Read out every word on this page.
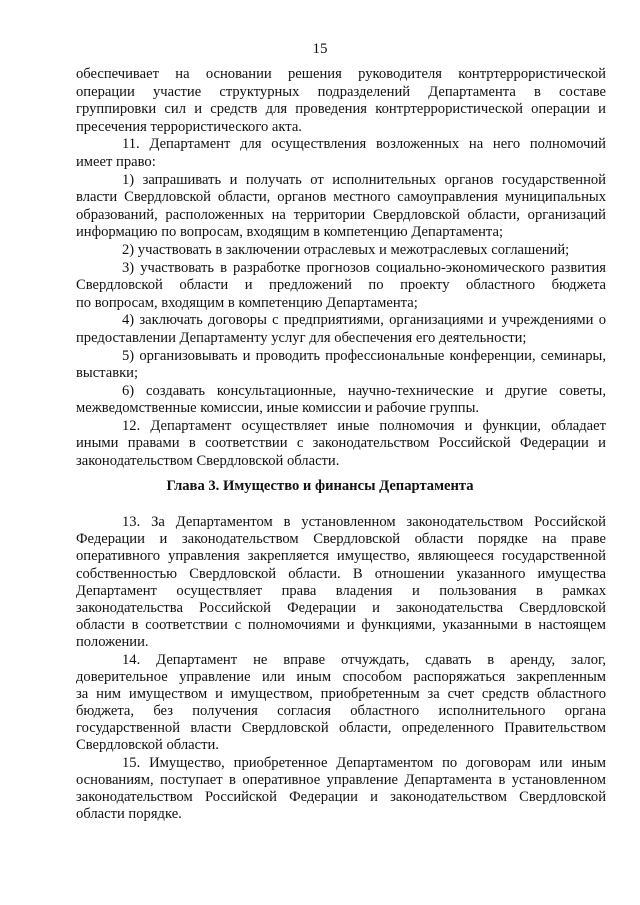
15
обеспечивает на основании решения руководителя контртеррористической
операции участие структурных подразделений Департамента в составе
группировки сил и средств для проведения контртеррористической операции и
пресечения террористического акта.
11. Департамент для осуществления возложенных на него полномочий
имеет право:
1) запрашивать и получать от исполнительных органов государственной
власти Свердловской области, органов местного самоуправления муниципальных
образований, расположенных на территории Свердловской области, организаций
информацию по вопросам, входящим в компетенцию Департамента;
2) участвовать в заключении отраслевых и межотраслевых соглашений;
3) участвовать в разработке прогнозов социально-экономического развития
Свердловской области и предложений по проекту областного бюджета
по вопросам, входящим в компетенцию Департамента;
4) заключать договоры с предприятиями, организациями и учреждениями о
предоставлении Департаменту услуг для обеспечения его деятельности;
5) организовывать и проводить профессиональные конференции, семинары,
выставки;
6) создавать консультационные, научно-технические и другие советы,
межведомственные комиссии, иные комиссии и рабочие группы.
12. Департамент осуществляет иные полномочия и функции, обладает
иными правами в соответствии с законодательством Российской Федерации и
законодательством Свердловской области.
Глава 3. Имущество и финансы Департамента
13. За Департаментом в установленном законодательством Российской
Федерации и законодательством Свердловской области порядке на праве
оперативного управления закрепляется имущество, являющееся государственной
собственностью Свердловской области. В отношении указанного имущества
Департамент осуществляет права владения и пользования в рамках
законодательства Российской Федерации и законодательства Свердловской
области в соответствии с полномочиями и функциями, указанными в настоящем
положении.
14. Департамент не вправе отчуждать, сдавать в аренду, залог,
доверительное управление или иным способом распоряжаться закрепленным
за ним имуществом и имуществом, приобретенным за счет средств областного
бюджета, без получения согласия областного исполнительного органа
государственной власти Свердловской области, определенного Правительством
Свердловской области.
15. Имущество, приобретенное Департаментом по договорам или иным
основаниям, поступает в оперативное управление Департамента в установленном
законодательством Российской Федерации и законодательством Свердловской
области порядке.
